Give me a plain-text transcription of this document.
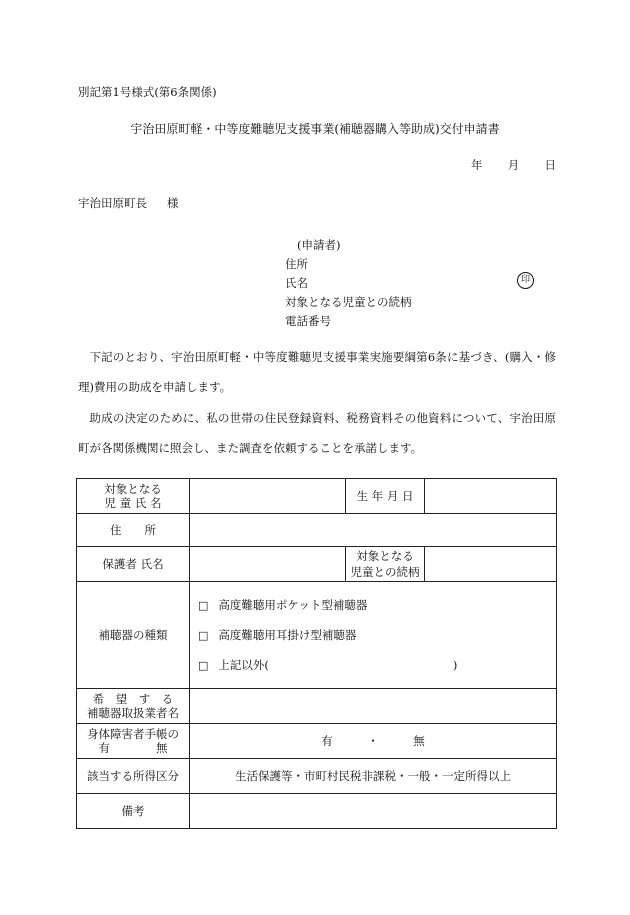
別記第1号様式(第6条関係)
宇治田原町軽・中等度難聴児支援事業(補聴器購入等助成)交付申請書
年 月 日
宇治田原町長 様
(申請者)
住所
氏名
対象となる児童との続柄
電話番号
印

下記のとおり、宇治田原町軽・中等度難聴児支援事業実施要綱第6条に基づき、(購入・修理)費用の助成を申請します。

助成の決定のために、私の世帯の住民登録資料、税務資料その他資料について、宇治田原町が各関係機関に照会し、また調査を依頼することを承諾します。

対象となる
児 童 氏 名		生 年 月 日	
住　　所			
保護者 氏名		対象となる
児童との続柄	

補聴器の種類	□ 高度難聴用ポケット型補聴器
□ 高度難聴用耳掛け型補聴器
□ 上記以外( )		

希　望　す　る
補聴器取扱業者名			

身体障害者手帳の
有　　　　無	有　　　・　　　無		
該当する所得区分	生活保護等・市町村民税非課税・一般・一定所得以上		
備考			
